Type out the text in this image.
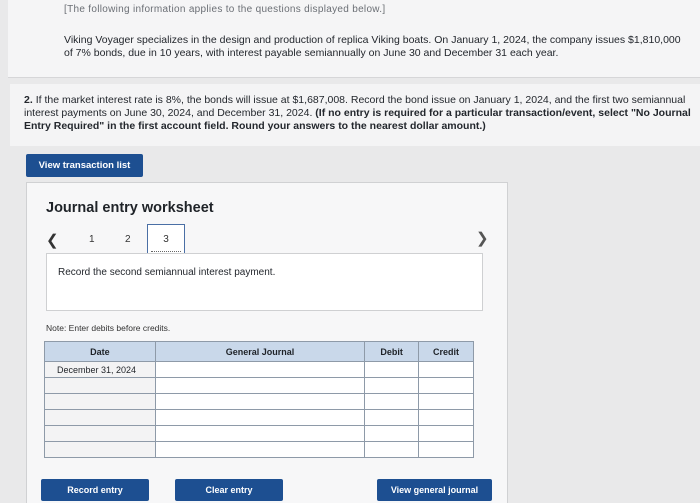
[The following information applies to the questions displayed below.]
Viking Voyager specializes in the design and production of replica Viking boats. On January 1, 2024, the company issues $1,810,000 of 7% bonds, due in 10 years, with interest payable semiannually on June 30 and December 31 each year.
2. If the market interest rate is 8%, the bonds will issue at $1,687,008. Record the bond issue on January 1, 2024, and the first two semiannual interest payments on June 30, 2024, and December 31, 2024. (If no entry is required for a particular transaction/event, select "No Journal Entry Required" in the first account field. Round your answers to the nearest dollar amount.)
View transaction list
Journal entry worksheet
❮	1	2	3	❯
Record the second semiannual interest payment.
Note: Enter debits before credits.
Date	General Journal	Debit	Credit
December 31, 2024			

Record entry	Clear entry	View general journal
